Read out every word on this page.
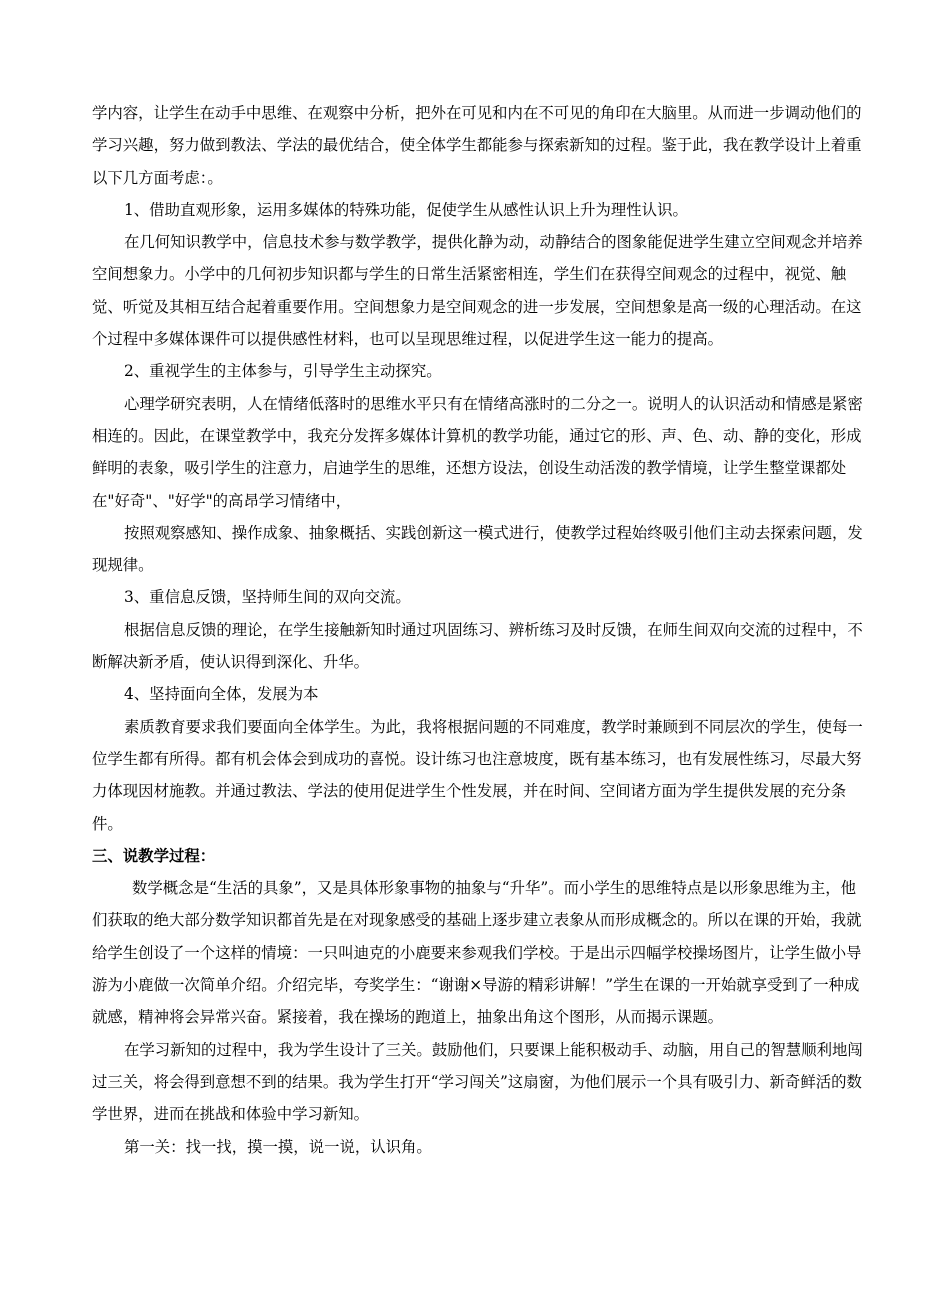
学内容，让学生在动手中思维、在观察中分析，把外在可见和内在不可见的角印在大脑里。从而进一步调动他们的学习兴趣，努力做到教法、学法的最优结合，使全体学生都能参与探索新知的过程。鉴于此，我在教学设计上着重以下几方面考虑：。

1、借助直观形象，运用多媒体的特殊功能，促使学生从感性认识上升为理性认识。

在几何知识教学中，信息技术参与数学教学，提供化静为动，动静结合的图象能促进学生建立空间观念并培养空间想象力。小学中的几何初步知识都与学生的日常生活紧密相连，学生们在获得空间观念的过程中，视觉、触觉、听觉及其相互结合起着重要作用。空间想象力是空间观念的进一步发展，空间想象是高一级的心理活动。在这个过程中多媒体课件可以提供感性材料，也可以呈现思维过程，以促进学生这一能力的提高。

2、重视学生的主体参与，引导学生主动探究。

心理学研究表明，人在情绪低落时的思维水平只有在情绪高涨时的二分之一。说明人的认识活动和情感是紧密相连的。因此，在课堂教学中，我充分发挥多媒体计算机的教学功能，通过它的形、声、色、动、静的变化，形成鲜明的表象，吸引学生的注意力，启迪学生的思维，还想方设法，创设生动活泼的教学情境，让学生整堂课都处在"好奇"、"好学"的高昂学习情绪中，

按照观察感知、操作成象、抽象概括、实践创新这一模式进行，使教学过程始终吸引他们主动去探索问题，发现规律。

3、重信息反馈，坚持师生间的双向交流。

根据信息反馈的理论，在学生接触新知时通过巩固练习、辨析练习及时反馈，在师生间双向交流的过程中，不断解决新矛盾，使认识得到深化、升华。

4、坚持面向全体，发展为本

素质教育要求我们要面向全体学生。为此，我将根据问题的不同难度，教学时兼顾到不同层次的学生，使每一位学生都有所得。都有机会体会到成功的喜悦。设计练习也注意坡度，既有基本练习，也有发展性练习，尽最大努力体现因材施教。并通过教法、学法的使用促进学生个性发展，并在时间、空间诸方面为学生提供发展的充分条件。

三、说教学过程：

数学概念是“生活的具象”，又是具体形象事物的抽象与“升华”。而小学生的思维特点是以形象思维为主，他们获取的绝大部分数学知识都首先是在对现象感受的基础上逐步建立表象从而形成概念的。所以在课的开始，我就给学生创设了一个这样的情境：一只叫迪克的小鹿要来参观我们学校。于是出示四幅学校操场图片，让学生做小导游为小鹿做一次简单介绍。介绍完毕，夸奖学生：“谢谢×导游的精彩讲解！”学生在课的一开始就享受到了一种成就感，精神将会异常兴奋。紧接着，我在操场的跑道上，抽象出角这个图形，从而揭示课题。

在学习新知的过程中，我为学生设计了三关。鼓励他们，只要课上能积极动手、动脑，用自己的智慧顺利地闯过三关，将会得到意想不到的结果。我为学生打开“学习闯关”这扇窗，为他们展示一个具有吸引力、新奇鲜活的数学世界，进而在挑战和体验中学习新知。

第一关：找一找，摸一摸，说一说，认识角。
